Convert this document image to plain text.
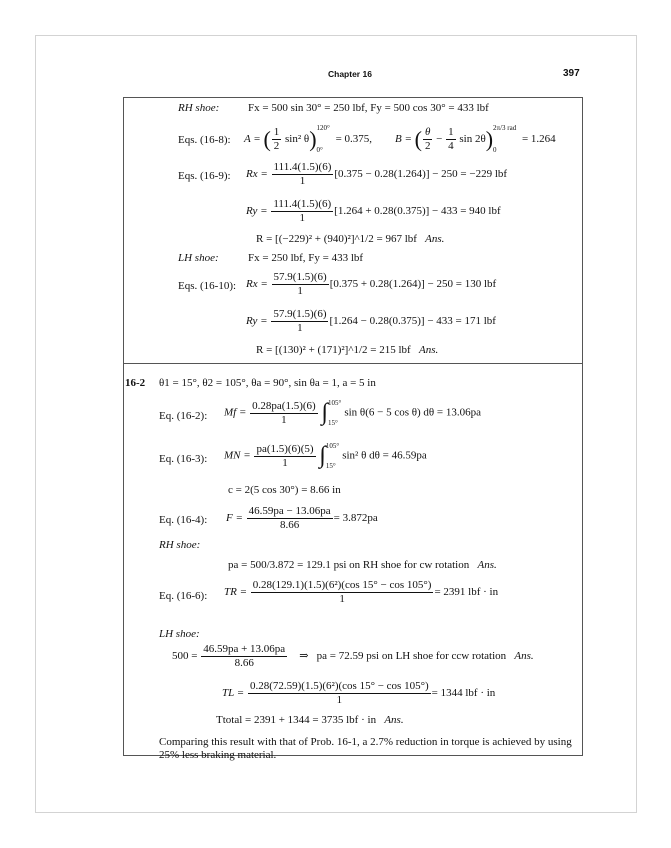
Chapter 16	397
RH shoe:	Fx = 500 sin 30° = 250 lbf, Fy = 500 cos 30° = 433 lbf
Eqs. (16-8): A = ( $\frac{1}{2} \sin^2$ θ) 120°
0°
= 0.375, B = ( $\frac{\theta}{2} - \frac{1}{4}$ sin 2θ) 2π/3 rad
0
= 1.264
Eqs. (16-9): $Rx = \frac{111.4(1.5)(6)}{1} [0.375 - 0.28(1.264)] - 250 = -229$ lbf
$Ry = \frac{111.4(1.5)(6)}{1} [1.264 + 0.28(0.375)] - 433 = 940$ lbf
R = [(−229)² + (940)²]^1/2 = 967 lbf Ans.
LH shoe:	Fx = 250 lbf, Fy = 433 lbf
Eqs. (16-10): $Rx = \frac{57.9(1.5)(6)}{1} [0.375 + 0.28(1.264)] - 250 = 130$ lbf
$Ry = \frac{57.9(1.5)(6)}{1} [1.264 - 0.28(0.375)] - 433 = 171$ lbf
R = [(130)² + (171)²]^1/2 = 215 lbf Ans.
16-2 θ1 = 15°, θ2 = 105°, θa = 90°, sin θa = 1, a = 5 in
Eq. (16-2): $Mf = \frac{0.28pa(1.5)(6)}{1}$ ∫ 105°
15°
sin θ(6 − 5 cos θ) dθ = 13.06pa
Eq. (16-3): MN = $\frac{pa(1.5)(6)(5)}{1}$ ∫ 105°
15°
sin² θ dθ = 46.59pa
c = 2(5 cos 30°) = 8.66 in
Eq. (16-4): $F = \frac{46.59pa - 13.06pa}{8.66} = 3.872pa$
RH shoe:
pa = 500/3.872 = 129.1 psi on RH shoe for cw rotation Ans.
Eq. (16-6): TR = $\frac{\text{0.28(129.1)(1.5)(6²)(cos 15° − cos 105°)}}{1} = 2391$ lbf · in
LH shoe:
$500 = \frac{46.59pa + 13.06pa}{8.66}$ ⇒ pa = 72.59 psi on LH shoe for ccw rotation Ans.
TL = $\frac{\text{0.28(72.59)(1.5)(6²)(cos 15° − cos 105°)}}{1} = 1344$ lbf · in
Ttotal = 2391 + 1344 = 3735 lbf · in Ans.
Comparing this result with that of Prob. 16-1, a 2.7% reduction in torque is achieved by using 25% less braking material.
